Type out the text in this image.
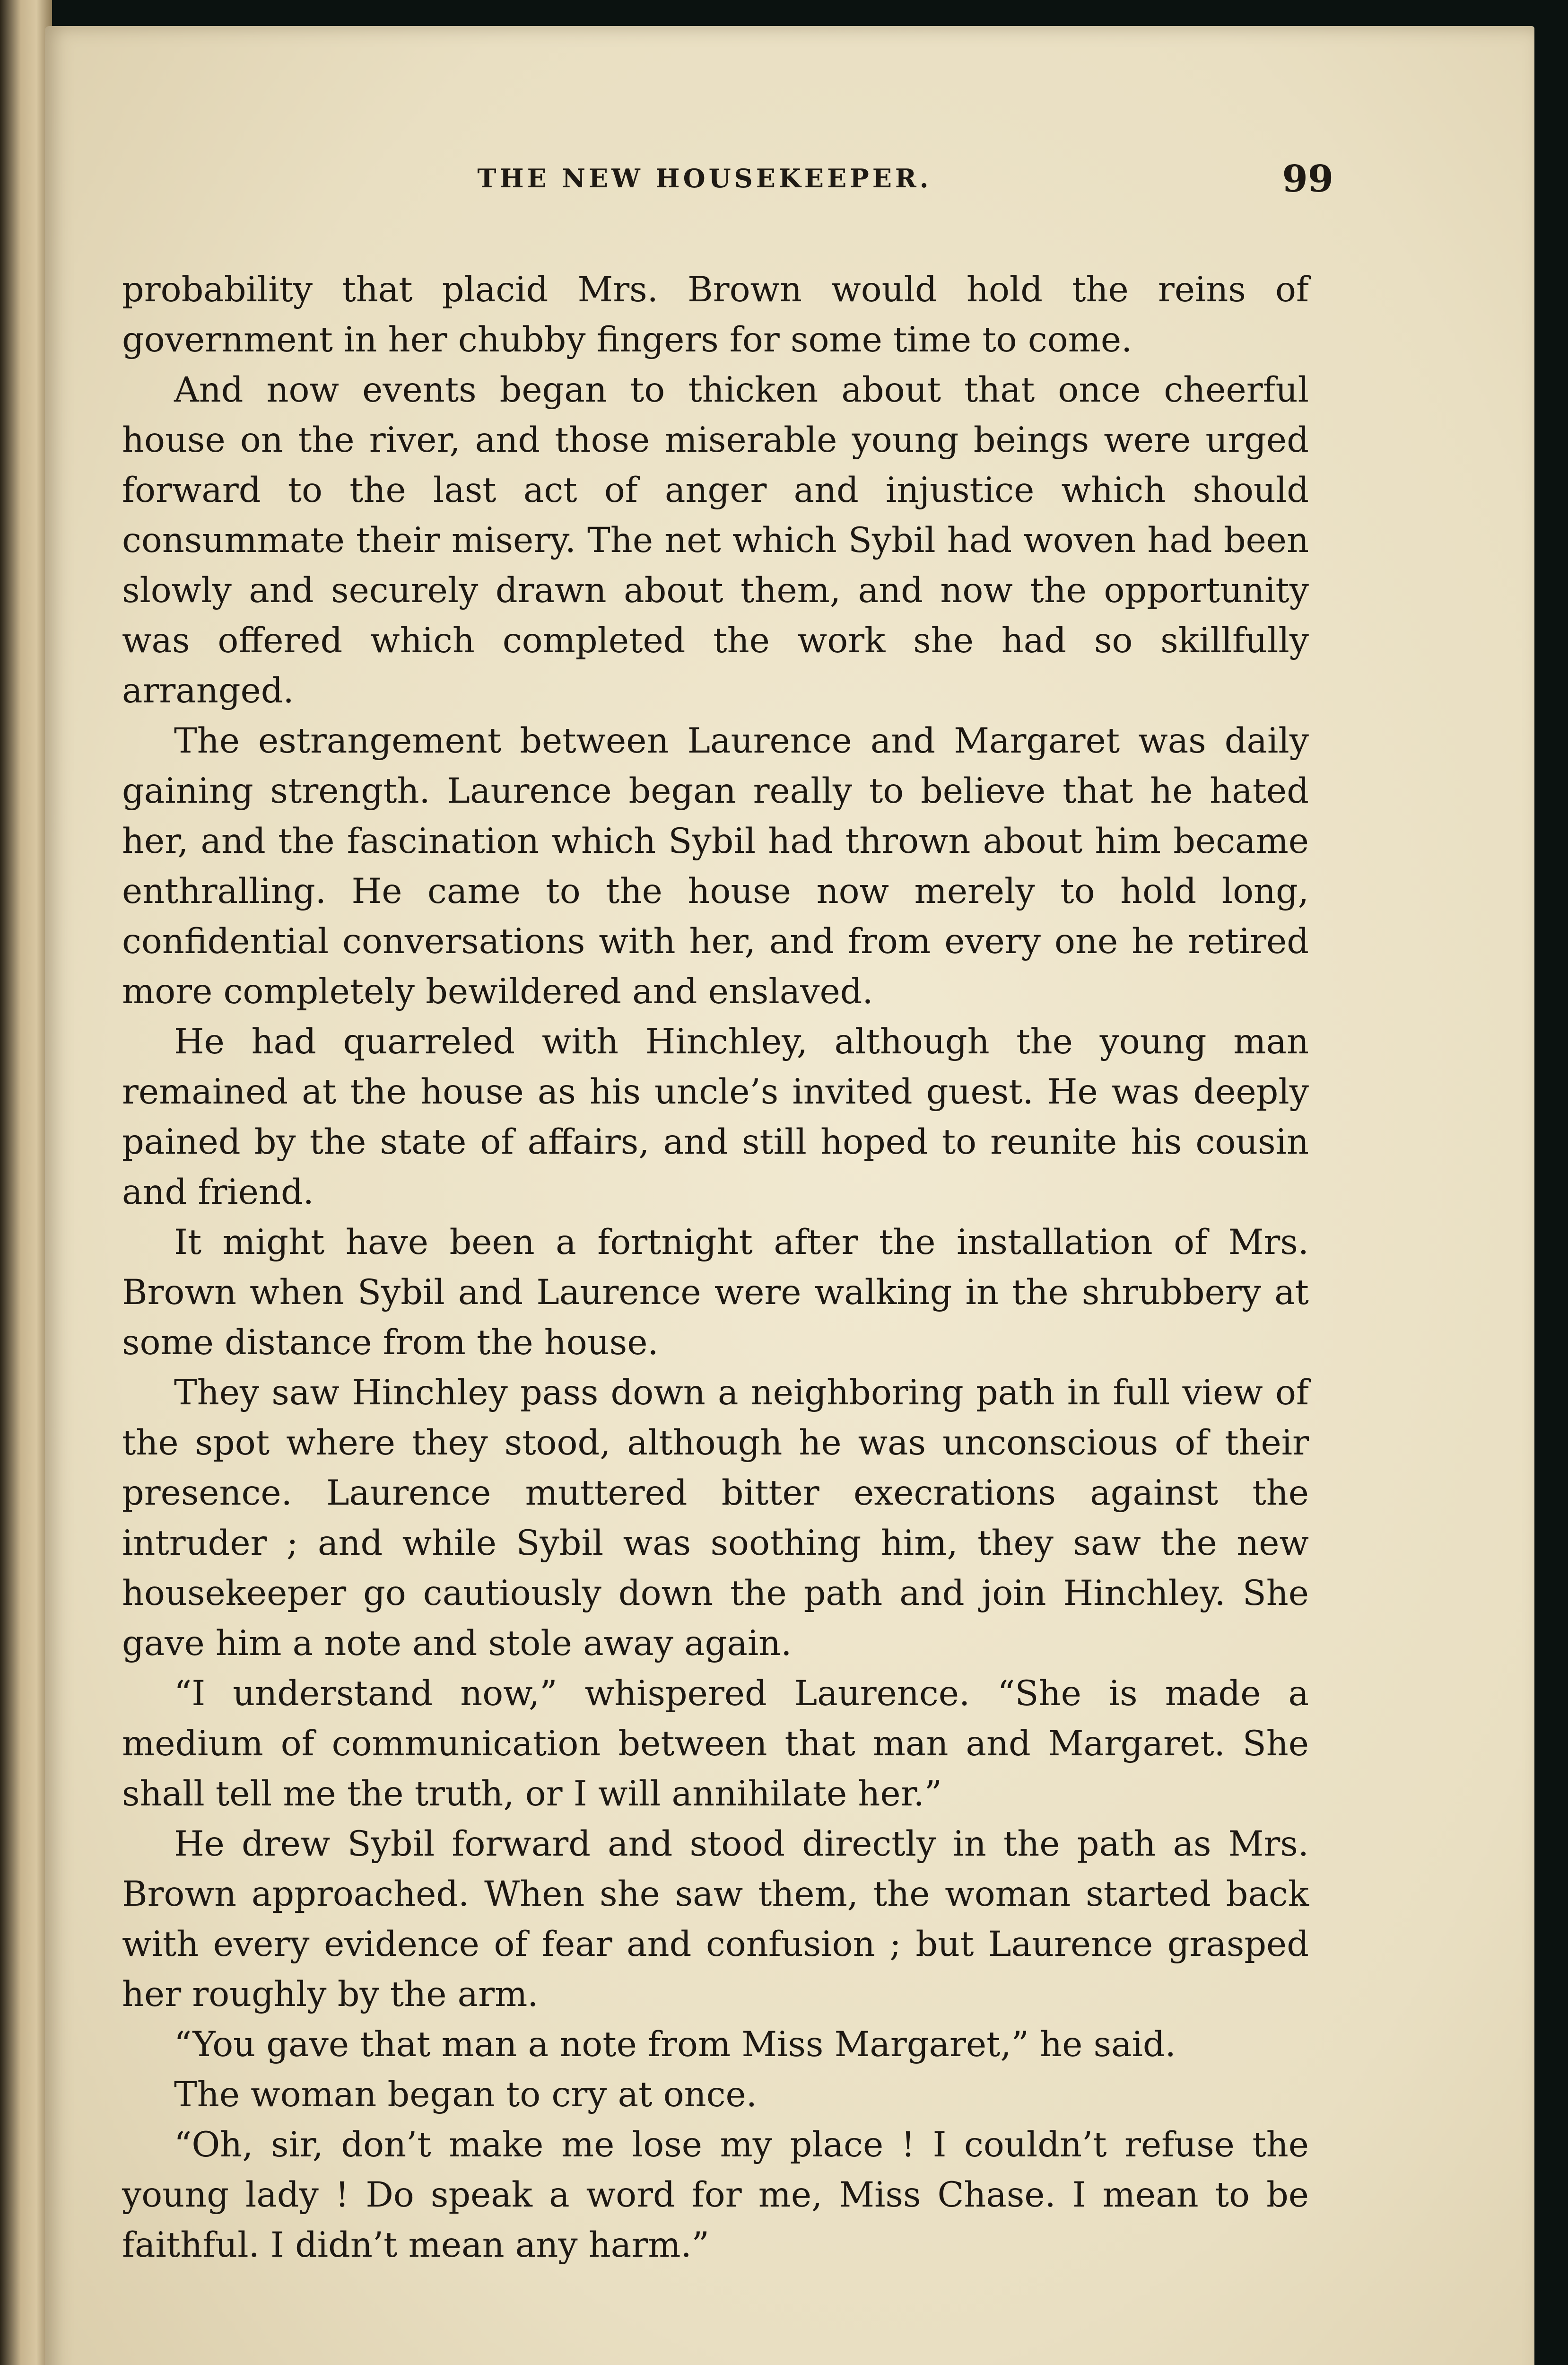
THE NEW HOUSEKEEPER.	99

probability that placid Mrs. Brown would hold the reins of government in her chubby fingers for some time to come.

And now events began to thicken about that once cheerful house on the river, and those miserable young beings were urged forward to the last act of anger and injustice which should consummate their misery. The net which Sybil had woven had been slowly and securely drawn about them, and now the opportunity was offered which completed the work she had so skillfully arranged.

The estrangement between Laurence and Margaret was daily gaining strength. Laurence began really to believe that he hated her, and the fascination which Sybil had thrown about him became enthralling. He came to the house now merely to hold long, confidential conversations with her, and from every one he retired more completely bewildered and enslaved.

He had quarreled with Hinchley, although the young man remained at the house as his uncle’s invited guest. He was deeply pained by the state of affairs, and still hoped to reunite his cousin and friend.

It might have been a fortnight after the installation of Mrs. Brown when Sybil and Laurence were walking in the shrubbery at some distance from the house.

They saw Hinchley pass down a neighboring path in full view of the spot where they stood, although he was unconscious of their presence. Laurence muttered bitter execrations against the intruder ; and while Sybil was soothing him, they saw the new housekeeper go cautiously down the path and join Hinchley. She gave him a note and stole away again.

“I understand now,” whispered Laurence. “She is made a medium of communication between that man and Margaret. She shall tell me the truth, or I will annihilate her.”

He drew Sybil forward and stood directly in the path as Mrs. Brown approached. When she saw them, the woman started back with every evidence of fear and confusion ; but Laurence grasped her roughly by the arm.

“You gave that man a note from Miss Margaret,” he said.

The woman began to cry at once.

“Oh, sir, don’t make me lose my place ! I couldn’t refuse the young lady ! Do speak a word for me, Miss Chase. I mean to be faithful. I didn’t mean any harm.”
